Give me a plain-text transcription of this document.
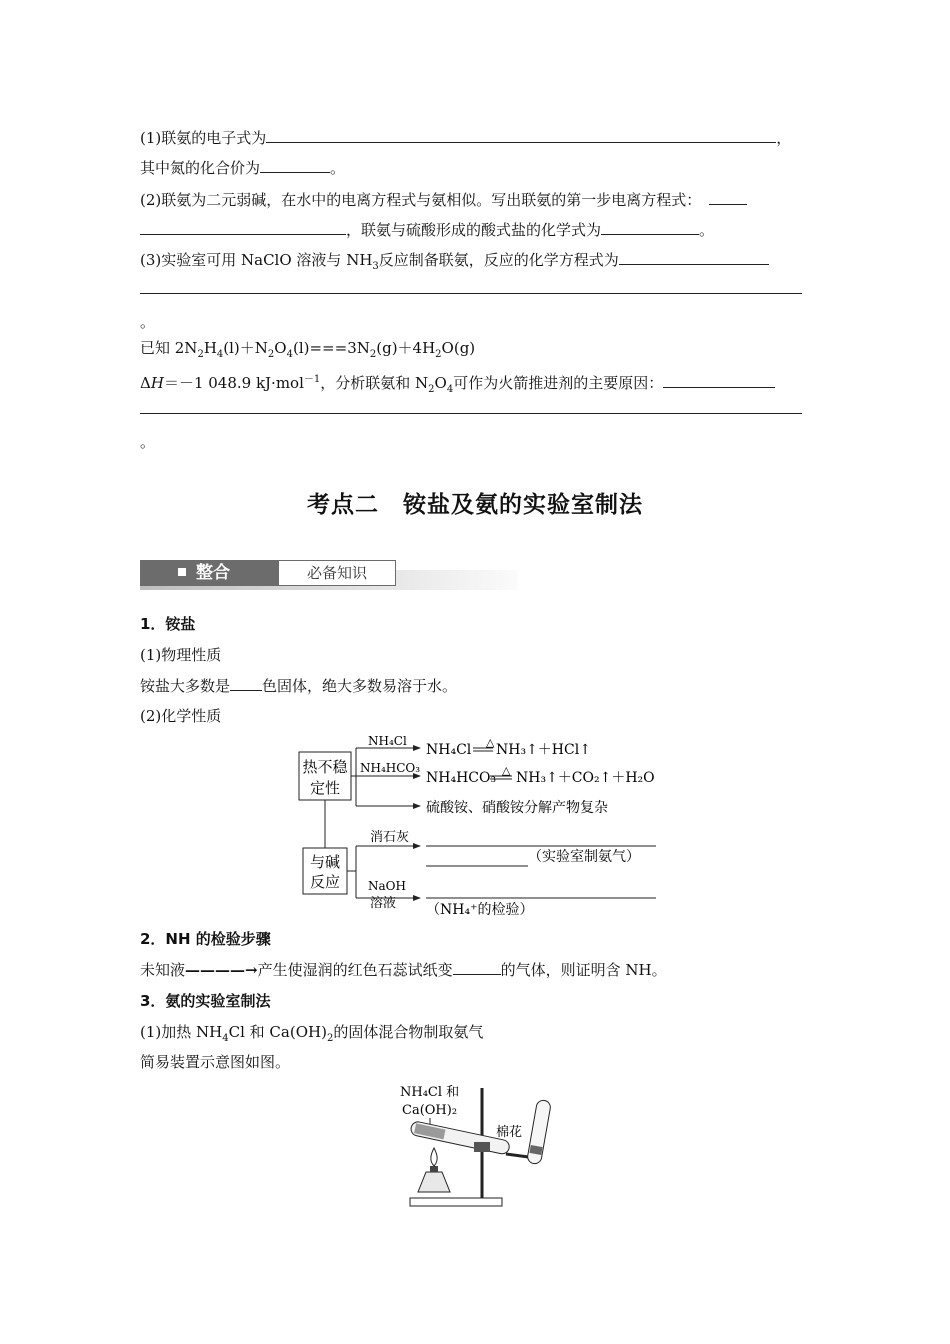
(1)联氨的电子式为	，
其中氮的化合价为	。
(2)联氨为二元弱碱，在水中的电离方程式与氨相似。写出联氨的第一步电离方程式：
，联氨与硫酸形成的酸式盐的化学式为	。
(3)实验室可用 NaClO 溶液与 $NH_3$反应制备联氨，反应的化学方程式为
。
已知 $2N_2H_4(l)+N_2O_4(l)===3N_2(g)+4H_2O(g)$
ΔH＝－1 048.9 kJ·mol$^{-1}$，分析联氨和 $N_2O_4$可作为火箭推进剂的主要原因：
。
考点二　铵盐及氨的实验室制法
整合	必备知识
1．铵盐
(1)物理性质
铵盐大多数是 色固体，绝大多数易溶于水。
(2)化学性质
热不稳
定性
与碱
反应
NH₄Cl
NH₄HCO₃
NH₄Cl △ NH₃↑＋HCl↑
NH₄HCO₃ △ NH₃↑＋CO₂↑＋H₂O
硫酸铵、硝酸铵分解产物复杂
消石灰
NaOH
溶液
（实验室制氨气）
（NH₄⁺的检验）
2．NH 的检验步骤
未知液————→产生使湿润的红色石蕊试纸变	的气体，则证明含 NH。
3．氨的实验室制法
(1)加热 $NH_4Cl$ 和 $Ca(OH)_2$的固体混合物制取氨气
简易装置示意图如图。
NH₄Cl 和
Ca(OH)₂
棉花
